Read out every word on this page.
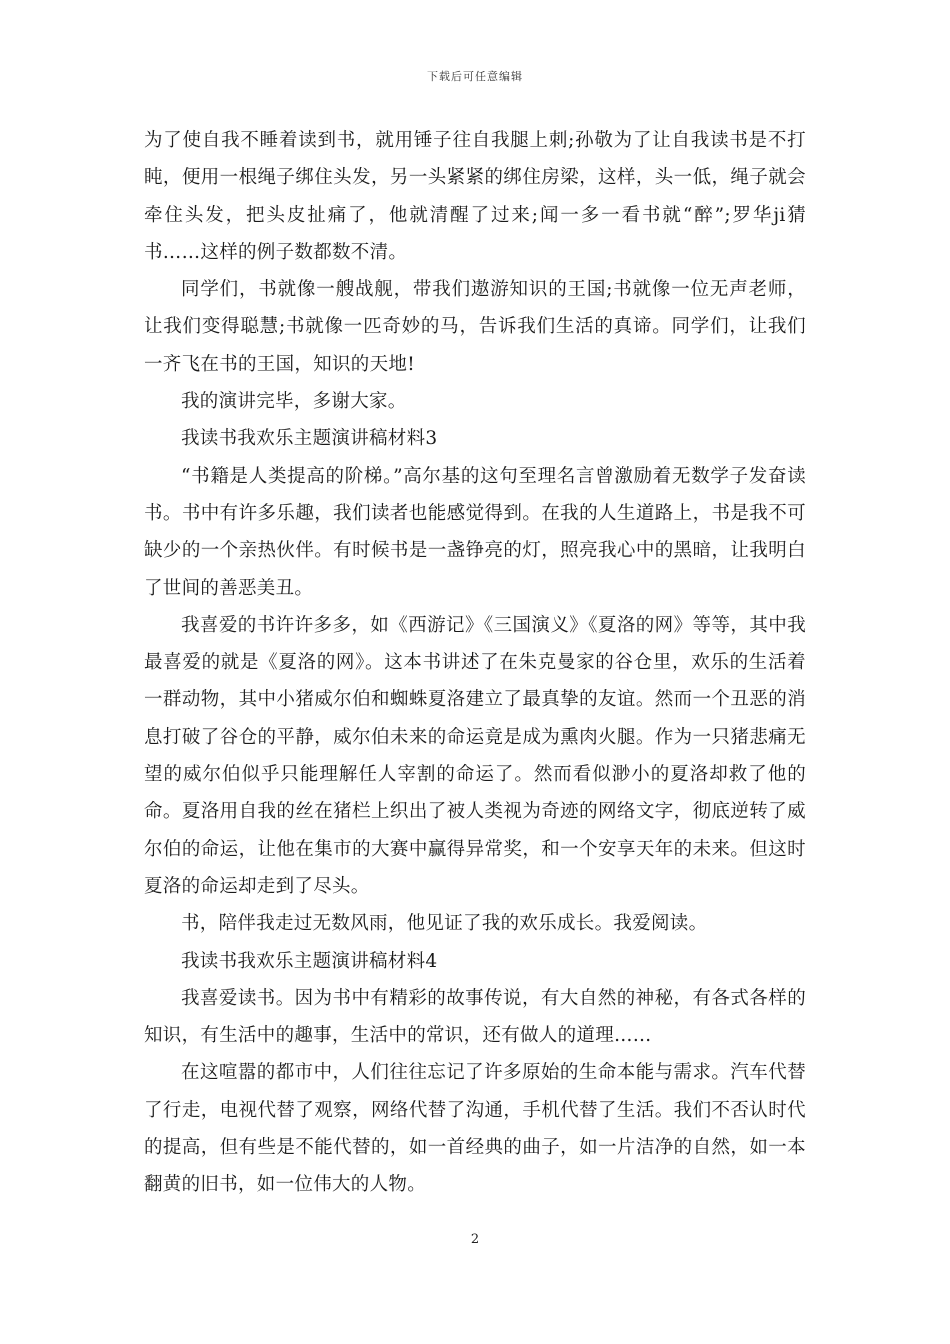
下载后可任意编辑

为了使自我不睡着读到书，就用锤子往自我腿上刺;孙敬为了让自我读书是不打盹，便用一根绳子绑住头发，另一头紧紧的绑住房梁，这样，头一低，绳子就会牵住头发，把头皮扯痛了，他就清醒了过来;闻一多一看书就“醉”;罗华ji猜书……这样的例子数都数不清。

同学们，书就像一艘战舰，带我们遨游知识的王国;书就像一位无声老师，让我们变得聪慧;书就像一匹奇妙的马，告诉我们生活的真谛。同学们，让我们一齐飞在书的王国，知识的天地!

我的演讲完毕，多谢大家。

我读书我欢乐主题演讲稿材料3

“书籍是人类提高的阶梯。”高尔基的这句至理名言曾激励着无数学子发奋读书。书中有许多乐趣，我们读者也能感觉得到。在我的人生道路上，书是我不可缺少的一个亲热伙伴。有时候书是一盏铮亮的灯，照亮我心中的黑暗，让我明白了世间的善恶美丑。

我喜爱的书许许多多，如《西游记》《三国演义》《夏洛的网》等等，其中我最喜爱的就是《夏洛的网》。这本书讲述了在朱克曼家的谷仓里，欢乐的生活着一群动物，其中小猪威尔伯和蜘蛛夏洛建立了最真挚的友谊。然而一个丑恶的消息打破了谷仓的平静，威尔伯未来的命运竟是成为熏肉火腿。作为一只猪悲痛无望的威尔伯似乎只能理解任人宰割的命运了。然而看似渺小的夏洛却救了他的命。夏洛用自我的丝在猪栏上织出了被人类视为奇迹的网络文字，彻底逆转了威尔伯的命运，让他在集市的大赛中赢得异常奖，和一个安享天年的未来。但这时夏洛的命运却走到了尽头。

书，陪伴我走过无数风雨，他见证了我的欢乐成长。我爱阅读。

我读书我欢乐主题演讲稿材料4

我喜爱读书。因为书中有精彩的故事传说，有大自然的神秘，有各式各样的知识，有生活中的趣事，生活中的常识，还有做人的道理……

在这喧嚣的都市中，人们往往忘记了许多原始的生命本能与需求。汽车代替了行走，电视代替了观察，网络代替了沟通，手机代替了生活。我们不否认时代的提高，但有些是不能代替的，如一首经典的曲子，如一片洁净的自然，如一本翻黄的旧书，如一位伟大的人物。

2
